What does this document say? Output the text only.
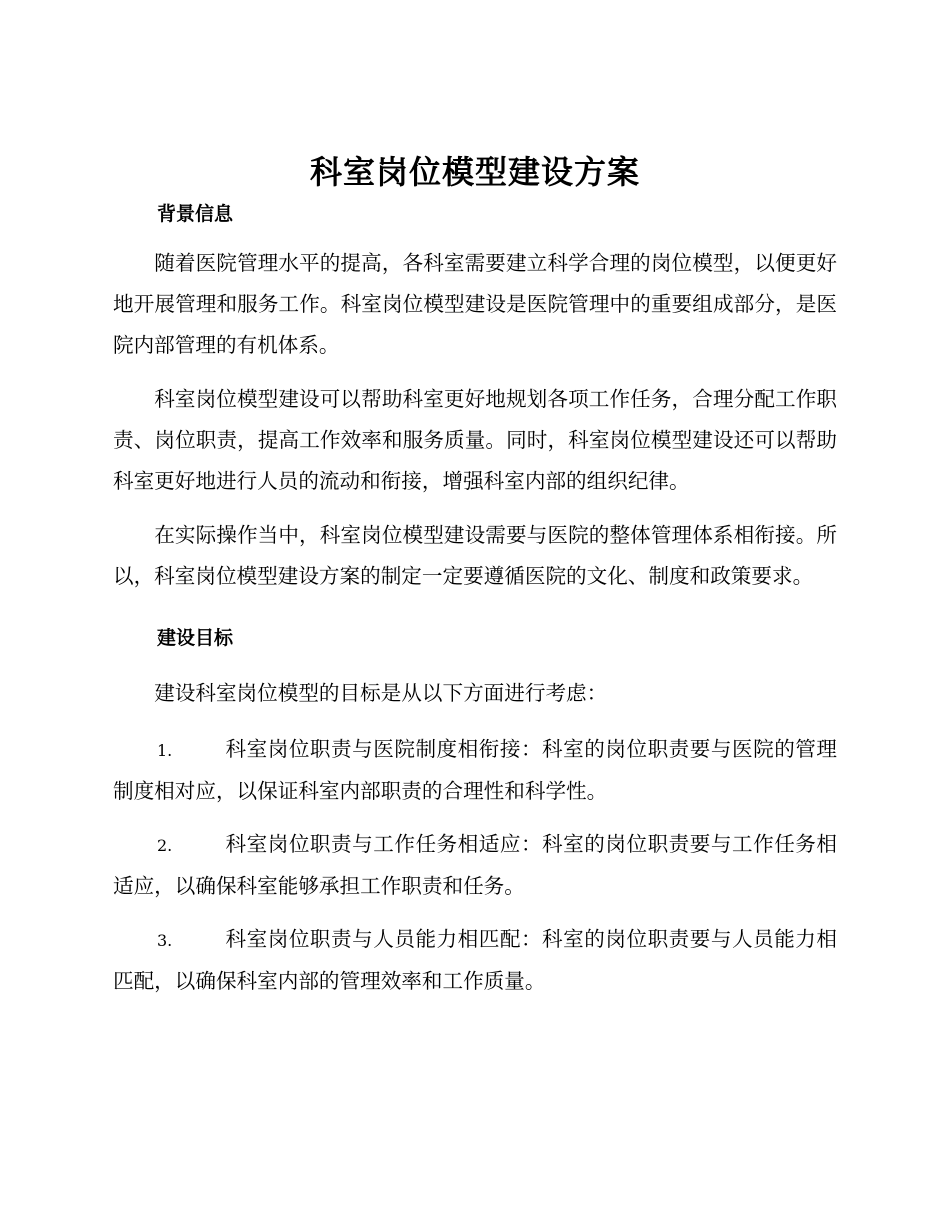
科室岗位模型建设方案
背景信息

随着医院管理水平的提高，各科室需要建立科学合理的岗位模型，以便更好地开展管理和服务工作。科室岗位模型建设是医院管理中的重要组成部分，是医院内部管理的有机体系。

科室岗位模型建设可以帮助科室更好地规划各项工作任务，合理分配工作职责、岗位职责，提高工作效率和服务质量。同时，科室岗位模型建设还可以帮助科室更好地进行人员的流动和衔接，增强科室内部的组织纪律。

在实际操作当中，科室岗位模型建设需要与医院的整体管理体系相衔接。所以，科室岗位模型建设方案的制定一定要遵循医院的文化、制度和政策要求。

建设目标

建设科室岗位模型的目标是从以下方面进行考虑：

1.	科室岗位职责与医院制度相衔接：科室的岗位职责要与医院的管理制度相对应，以保证科室内部职责的合理性和科学性。

2.	科室岗位职责与工作任务相适应：科室的岗位职责要与工作任务相适应，以确保科室能够承担工作职责和任务。

3.	科室岗位职责与人员能力相匹配：科室的岗位职责要与人员能力相匹配，以确保科室内部的管理效率和工作质量。
